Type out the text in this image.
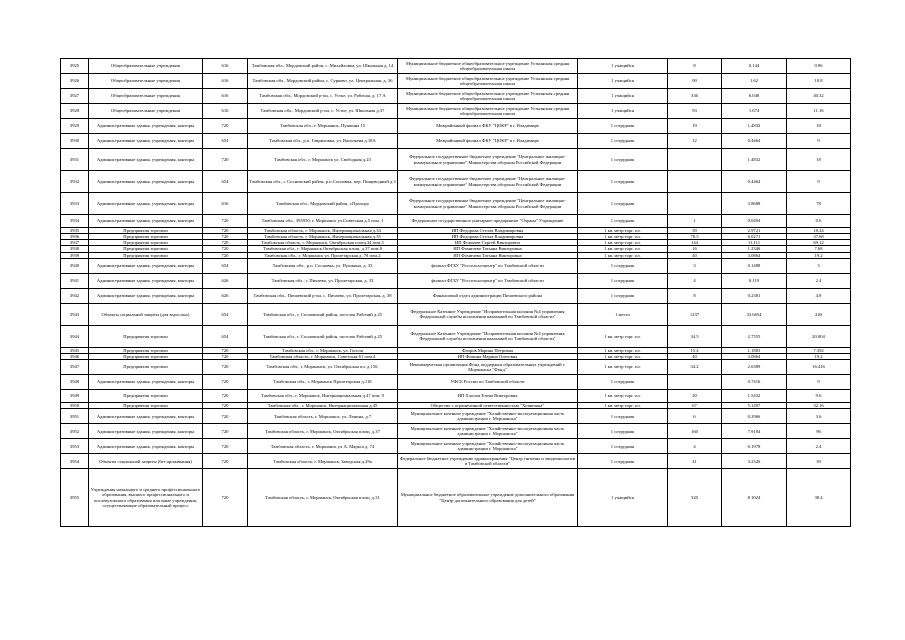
3925	Общеобразовательные учреждения	616	Тамбовская обл., Мордовский район, с. Михайловка, ул. Школьная д. 14	Муниципальное бюджетное общеобразовательное учреждение Устьинская средняя общеобразовательная школа	1 учащийся	8	0.144	0.96
3926	Общеобразовательные учреждения	616	Тамбовская обл., Мордовский район, с. Сурково, ул. Центральная, д. 36	Муниципальное бюджетное общеобразовательное учреждение Устьинская средняя общеобразовательная школа	1 учащийся	90	1.62	10.8
3927	Общеобразовательные учреждения	616	Тамбовская обл., Мордовский р-он, с. Устье, ул. Рабочая, д. 17 А	Муниципальное бюджетное общеобразовательное учреждение Устьинская средняя общеобразовательная школа	1 учащийся	336	6.048	40.32
3928	Общеобразовательные учреждения	616	Тамбовская обл., Мордовский р-он, с. Устье, ул. Школьная д.37	Муниципальное бюджетное общеобразовательное учреждение Устьинская средняя общеобразовательная школа	1 учащийся	93	1.674	11.16
3929	Административные здания, учреждения, конторы	720	Тамбовская обл., г. Моршанск, Пушкина 15	Межрайонный филиал ФКУ "ЦОКР" в г. Владимире	1 сотрудник	19	1.4832	18
3930	Административные здания, учреждения, конторы	654	Тамбовская обл., р.п. Гавриловка, ул. Васильева д.18А	Межрайонный филиал ФКУ "ЦОКР" в г. Владимире	1 сотрудник	12	0.4464	9
3931	Административные здания, учреждения, конторы	720	Тамбовская обл., г. Моршанск ул. Свободная д.23	Федеральное государственное бюджетное учреждение "Центральное жилищно-коммунальное управление" Министерства обороны Российской Федерации	1 сотрудник		1.4832	18
3932	Административные здания, учреждения, конторы	654	Тамбовская обл., г. Сосновский район, р.п.Сосновка, пер. Пищеводный д.3	Федеральное государственное бюджетное учреждение "Центральное жилищно-коммунальное управление" Министерства обороны Российской Федерации	1 сотрудник		0.4464	9
3933	Административные здания, учреждения, конторы	616	Тамбовская обл., Мордовский район, г.Прохоро	Федеральное государственное бюджетное учреждение "Центральное жилищно-коммунальное управление" Министерства обороны Российской Федерации	1 сотрудник		3.8688	78
3934	Административные здания, учреждения, конторы	720	Тамбовская обл., 393950, г. Моршанск ул.Советская д.5 пом. 1	Федеральное государственное унитарное предприятие "Охрана" Учреждение	1 сотрудник	1	0.0494	0.6
3935	Предприятия торговли	720	Тамбовская область, г. Моршанск, Интернациональная д.34	ИП Федорова Стелла Владимировна	1 кв. метр торг. пл.	39	2.9721	18.24
3936	Предприятия торговли	720	Тамбовская область, г. Моршанск, Интернациональная д.35	ИП Федорова Стелла Владимировна	1 кв. метр торг. пл.	78.5	6.0271	37.68
3937	Предприятия торговли	720	Тамбовская область, г. Моршанск, Октябрьская площ.34 пом.3	ИП Фомичев Сергей Викторович	1 кв. метр торг. пл.	144	11.111	69.12
3938	Предприятия торговли	720	Тамбовская обл., г. Моршанск Октябрьская площ. д.37 пом.8	ИП Фомичева Татьяна Викторовна	1 кв. метр торг. пл.	16	1.2346	7.68
3939	Предприятия торговли	720	Тамбовская обл., г. Моршанск ул. Пролетарская д. 78 пом.2	ИП Фомичева Татьяна Викторовна	1 кв. метр торг. пл.	40	3.0864	19.2
3940	Административные здания, учреждения, конторы	654	Тамбовская обл., р.п. Сосновка, ул. Пушкина, д. 33	филиал ФГБУ "Россельхозцентр" по Тамбовской области	1 сотрудник	3	0.1488	3
3941	Административные здания, учреждения, конторы	626	Тамбовская обл., г. Пичаево, ул. Пролетарская, д. 33	филиал ФГБУ "Россельхозцентр" по Тамбовской области	1 сотрудник	4	0.119	2.4
3942	Административные здания, учреждения, конторы	626	Тамбовская обл., Пичаевский р-он, с. Пичаево, ул. Пролетарская, д. 38	Финансовый отдел администрации Пичаевского района	1 сотрудник	8	0.2381	4.8
3943	Объекты социальной защиты (для взрослых)	654	Тамбовская обл., г. Сосновский район, поселок Рабочий д.25	Федеральное Казенное Учреждение "Исправительная колония №4 управления Федеральной службы исполнения наказаний по Тамбовской области"	1 место	1237	33.6654	240
3944	Предприятия торговли	654	Тамбовская обл., г. Сосновский район, поселок Рабочий д.25	Федеральное Казенное Учреждение "Исправительная колония №4 управления Федеральной службы исполнения наказаний по Тамбовской области"	1 кв. метр торг. пл.	34.5	2.7555	20.004
3945	Предприятия торговли	720	Тамбовская обл., г. Моршанск, ул. Гоголя	Флоров Марина Петровна	1 кв. метр торг. пл.	15.4	1.1883	7.392
3946	Предприятия торговли	720	Тамбовская область, г. Моршанск, Советская 61 пом.4	ИП Фомина Марина Олеговна	1 кв. метр торг. пл.	40	3.0864	19.2
3947	Предприятия торговли	720	Тамбовская обл., г. Моршанск, ул. Октябрьская пл. д.15б,	Некоммерческая организация Фонд поддержки образовательных учреждений г. Моршанска "Фонд"	1 кв. метр торг. пл.	34.2	2.6389	16.416
3948	Административные здания, учреждения, конторы	720	Тамбовская обл., г. Моршанск Пролетарская д.118	УФСБ России по Тамбовской области	1 сотрудник		0.7416	9
3949	Предприятия торговли	720	Тамбовская обл., г. Моршанск, Интернациональная д.47 пом. 9	ИП Хлопов Елена Викторовна	1 кв. метр торг. пл.	20	1.5432	9.6
3950	Предприятия торговли	720	Тамбовская обл., г. Моршанск, Интернациональная д.45	Общество с ограниченной ответственностью "Хозяюшка"	1 кв. метр торг. пл.	67	5.1497	32.16
3951	Административные здания, учреждения, конторы	720	Тамбовская область, г. Моршанск, ул. Ленина, д.7	Муниципальное казенное учреждение "Хозяйственно-эксплуатационная часть администрации г. Моршанска"	1 сотрудник	6	0.2966	3.6
3952	Административные здания, учреждения, конторы	720	Тамбовская область, г. Моршанск, Октябрьская площ. д.37	Муниципальное казенное учреждение "Хозяйственно-эксплуатационная часть администрации г. Моршанска"	1 сотрудник	160	7.9104	96
3953	Административные здания, учреждения, конторы	720	Тамбовская область, г. Моршанск ул. Б. Маркса д. 74	Муниципальное казенное учреждение "Хозяйственно-эксплуатационная часть администрации г. Моршанска"	1 сотрудник	4	0.1978	2.4
3954	Объекты социальной защиты (без проживания)	720	Тамбовская область, г. Моршанск, Заводская д.29а	Федеральное бюджетное учреждение здравоохранения "Центр гигиены и эпидемиологии в Тамбовской области"	1 сотрудник	41	3.2326	39
3955	Учреждения начального и среднего профессионального образования, высшего профессионального и послевузовского образования или иные учреждения, осуществляющие образовательный процесс	720	Тамбовская область, г. Моршанск, Октябрьская площ. д.31	Муниципальное бюджетное образовательное учреждение дополнительного образования "Центр дополнительного образования для детей"	1 учащийся	320	8.1024	38.4
